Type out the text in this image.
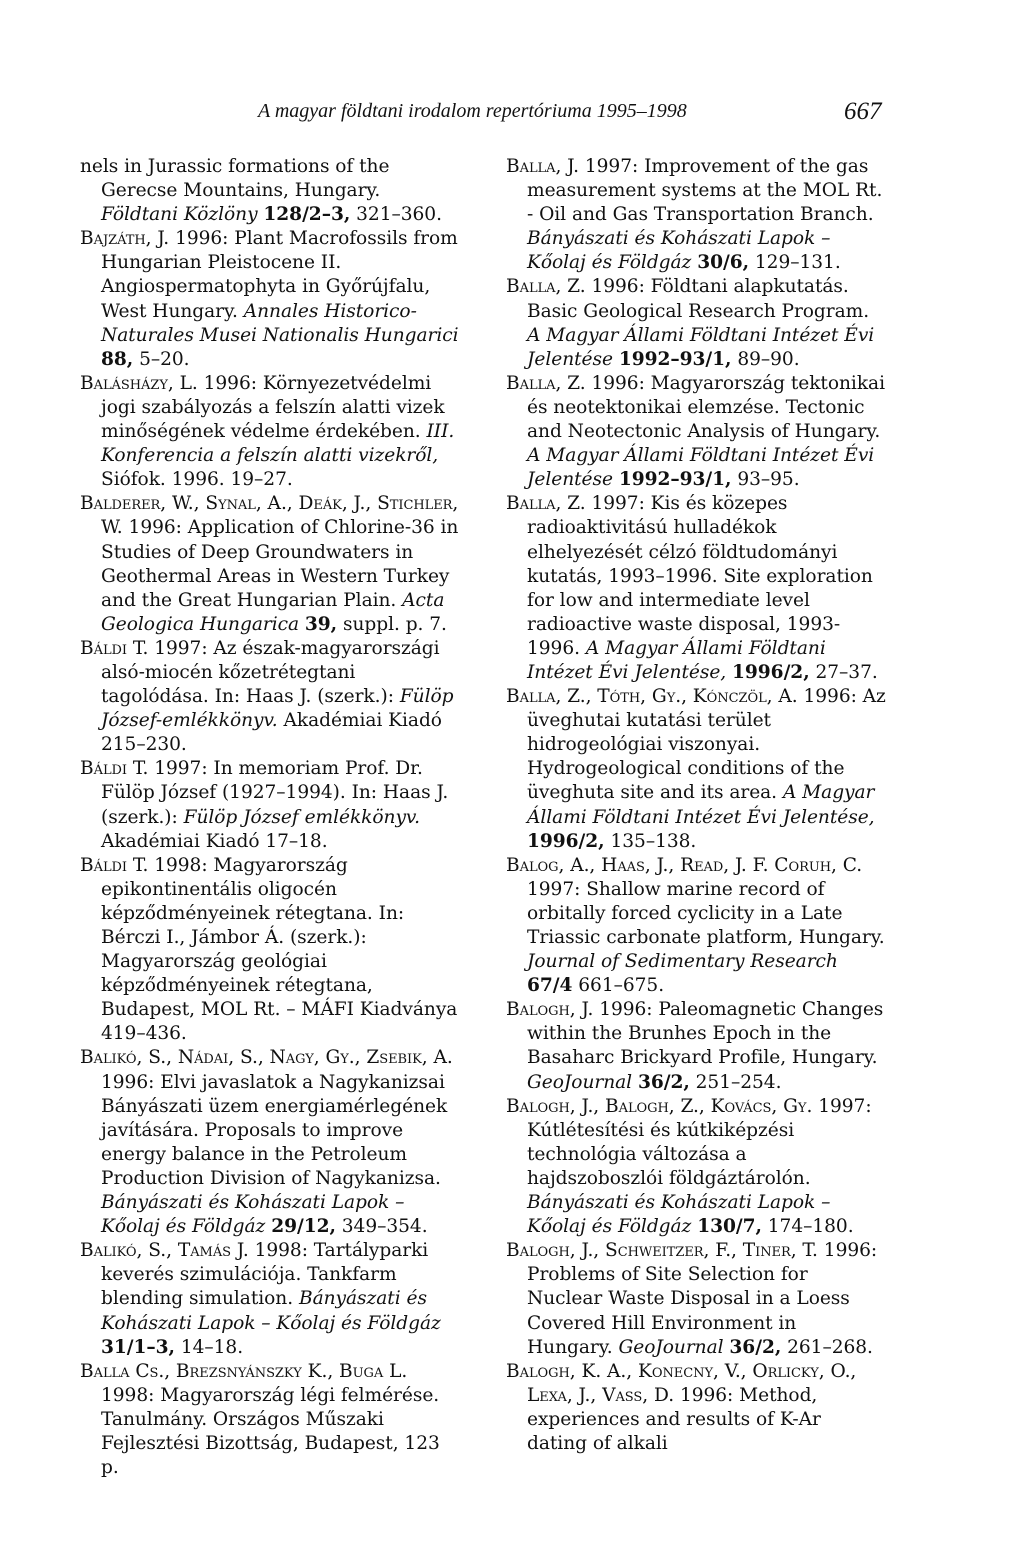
A magyar földtani irodalom repertóriuma 1995–1998	667

nels in Jurassic formations of the Gerecse Mountains, Hungary. Földtani Közlöny 128/2–3, 321–360.

Bajzáth, J. 1996: Plant Macrofossils from Hungarian Pleistocene II. Angiospermatophyta in Győrújfalu, West Hungary. Annales Historico-Naturales Musei Nationalis Hungarici 88, 5–20.

Balásházy, L. 1996: Környezetvédelmi jogi szabályozás a felszín alatti vizek minőségének védelme érdekében. III. Konferencia a felszín alatti vizekről, Siófok. 1996. 19–27.

Balderer, W., Synal, A., Deák, J., Stichler, W. 1996: Application of Chlorine-36 in Studies of Deep Groundwaters in Geothermal Areas in Western Turkey and the Great Hungarian Plain. Acta Geologica Hungarica 39, suppl. p. 7.

Báldi T. 1997: Az észak-magyarországi alsó-miocén kőzetrétegtani tagolódása. In: Haas J. (szerk.): Fülöp József-emlékkönyv. Akadémiai Kiadó 215–230.

Báldi T. 1997: In memoriam Prof. Dr. Fülöp József (1927–1994). In: Haas J. (szerk.): Fülöp József emlékkönyv. Akadémiai Kiadó 17–18.

Báldi T. 1998: Magyarország epikontinentális oligocén képződményeinek rétegtana. In: Bérczi I., Jámbor Á. (szerk.): Magyarország geológiai képződményeinek rétegtana, Budapest, MOL Rt. – MÁFI Kiadványa 419–436.

Balikó, S., Nádai, S., Nagy, Gy., Zsebik, A. 1996: Elvi javaslatok a Nagykanizsai Bányászati üzem energiamérlegének javítására. Proposals to improve energy balance in the Petroleum Production Division of Nagykanizsa. Bányászati és Kohászati Lapok – Kőolaj és Földgáz 29/12, 349–354.

Balikó, S., Tamás J. 1998: Tartályparki keverés szimulációja. Tankfarm blending simulation. Bányászati és Kohászati Lapok – Kőolaj és Földgáz 31/1–3, 14–18.

Balla Cs., Brezsnyánszky K., Buga L. 1998: Magyarország légi felmérése. Tanulmány. Országos Műszaki Fejlesztési Bizottság, Budapest, 123 p.

Balla, J. 1997: Improvement of the gas measurement systems at the MOL Rt. - Oil and Gas Transportation Branch. Bányászati és Kohászati Lapok – Kőolaj és Földgáz 30/6, 129–131.

Balla, Z. 1996: Földtani alapkutatás. Basic Geological Research Program. A Magyar Állami Földtani Intézet Évi Jelentése 1992–93/1, 89–90.

Balla, Z. 1996: Magyarország tektonikai és neotektonikai elemzése. Tectonic and Neotectonic Analysis of Hungary. A Magyar Állami Földtani Intézet Évi Jelentése 1992–93/1, 93–95.

Balla, Z. 1997: Kis és közepes radioaktivitású hulladékok elhelyezését célzó földtudományi kutatás, 1993–1996. Site exploration for low and intermediate level radioactive waste disposal, 1993-1996. A Magyar Állami Földtani Intézet Évi Jelentése, 1996/2, 27–37.

Balla, Z., Tóth, Gy., Kónczöl, A. 1996: Az üveghutai kutatási terület hidrogeológiai viszonyai. Hydrogeological conditions of the üveghuta site and its area. A Magyar Állami Földtani Intézet Évi Jelentése, 1996/2, 135–138.

Balog, A., Haas, J., Read, J. F. Coruh, C. 1997: Shallow marine record of orbitally forced cyclicity in a Late Triassic carbonate platform, Hungary. Journal of Sedimentary Research 67/4 661–675.

Balogh, J. 1996: Paleomagnetic Changes within the Brunhes Epoch in the Basaharc Brickyard Profile, Hungary. GeoJournal 36/2, 251–254.

Balogh, J., Balogh, Z., Kovács, Gy. 1997: Kútlétesítési és kútkiképzési technológia változása a hajdszoboszlói földgáztárolón. Bányászati és Kohászati Lapok – Kőolaj és Földgáz 130/7, 174–180.

Balogh, J., Schweitzer, F., Tiner, T. 1996: Problems of Site Selection for Nuclear Waste Disposal in a Loess Covered Hill Environment in Hungary. GeoJournal 36/2, 261–268.

Balogh, K. A., Konecny, V., Orlicky, O., Lexa, J., Vass, D. 1996: Method, experiences and results of K-Ar dating of alkali
